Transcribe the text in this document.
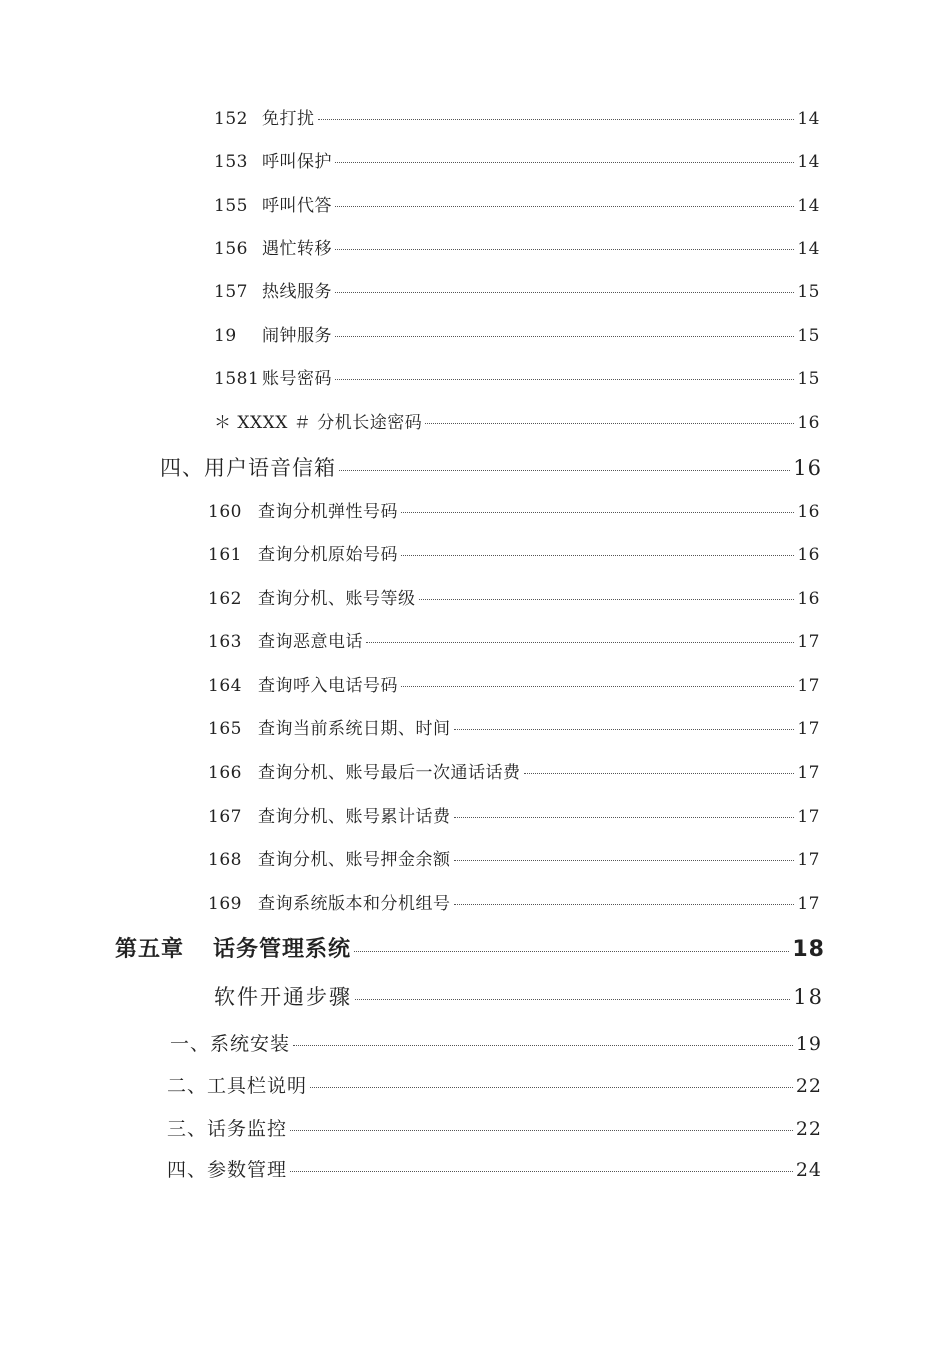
152 免打扰	14
153 呼叫保护	14
155 呼叫代答	14
156 遇忙转移	14
157 热线服务	15
19	闹钟服务	15
1581 账号密码	15
＊ XXXX ＃ 分机长途密码	16
四、 用户语音信箱	16
160 查询分机弹性号码	16
161 查询分机原始号码	16
162 查询分机、账号等级	16
163 查询恶意电话	17
164 查询呼入电话号码	17
165 查询当前系统日期、时间	17
166 查询分机、账号最后一次通话话费	17
167 查询分机、账号累计话费	17
168 查询分机、账号押金余额	17
169 查询系统版本和分机组号	17
第五章	话务管理系统	18
软件开通步骤	18
一、 系统安装	19
二、 工具栏说明	22
三、 话务监控	22
四、 参数管理	24
